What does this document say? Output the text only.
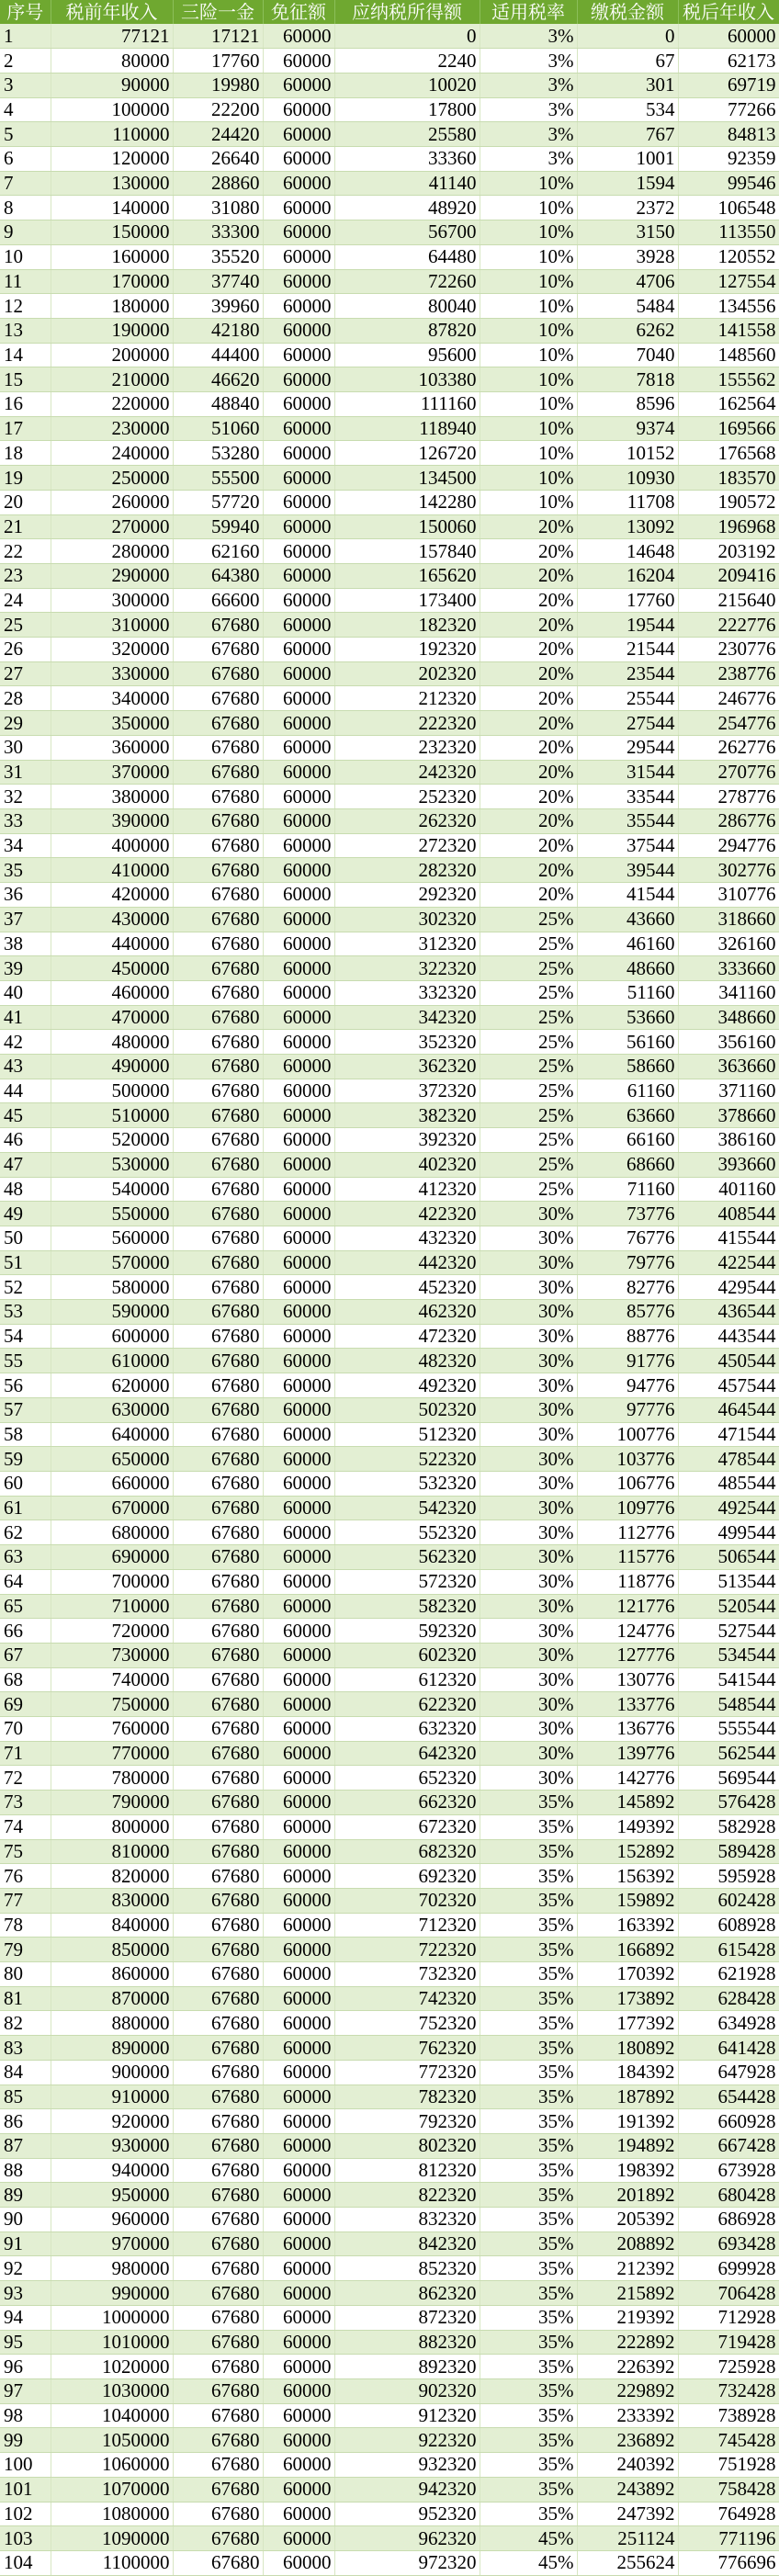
序号	税前年收入	三险一金	免征额	应纳税所得额	适用税率	缴税金额	税后年收入
1	77121	17121	60000	0	3%	0	60000
2	80000	17760	60000	2240	3%	67	62173
3	90000	19980	60000	10020	3%	301	69719
4	100000	22200	60000	17800	3%	534	77266
5	110000	24420	60000	25580	3%	767	84813
6	120000	26640	60000	33360	3%	1001	92359
7	130000	28860	60000	41140	10%	1594	99546
8	140000	31080	60000	48920	10%	2372	106548
9	150000	33300	60000	56700	10%	3150	113550
10	160000	35520	60000	64480	10%	3928	120552
11	170000	37740	60000	72260	10%	4706	127554
12	180000	39960	60000	80040	10%	5484	134556
13	190000	42180	60000	87820	10%	6262	141558
14	200000	44400	60000	95600	10%	7040	148560
15	210000	46620	60000	103380	10%	7818	155562
16	220000	48840	60000	111160	10%	8596	162564
17	230000	51060	60000	118940	10%	9374	169566
18	240000	53280	60000	126720	10%	10152	176568
19	250000	55500	60000	134500	10%	10930	183570
20	260000	57720	60000	142280	10%	11708	190572
21	270000	59940	60000	150060	20%	13092	196968
22	280000	62160	60000	157840	20%	14648	203192
23	290000	64380	60000	165620	20%	16204	209416
24	300000	66600	60000	173400	20%	17760	215640
25	310000	67680	60000	182320	20%	19544	222776
26	320000	67680	60000	192320	20%	21544	230776
27	330000	67680	60000	202320	20%	23544	238776
28	340000	67680	60000	212320	20%	25544	246776
29	350000	67680	60000	222320	20%	27544	254776
30	360000	67680	60000	232320	20%	29544	262776
31	370000	67680	60000	242320	20%	31544	270776
32	380000	67680	60000	252320	20%	33544	278776
33	390000	67680	60000	262320	20%	35544	286776
34	400000	67680	60000	272320	20%	37544	294776
35	410000	67680	60000	282320	20%	39544	302776
36	420000	67680	60000	292320	20%	41544	310776
37	430000	67680	60000	302320	25%	43660	318660
38	440000	67680	60000	312320	25%	46160	326160
39	450000	67680	60000	322320	25%	48660	333660
40	460000	67680	60000	332320	25%	51160	341160
41	470000	67680	60000	342320	25%	53660	348660
42	480000	67680	60000	352320	25%	56160	356160
43	490000	67680	60000	362320	25%	58660	363660
44	500000	67680	60000	372320	25%	61160	371160
45	510000	67680	60000	382320	25%	63660	378660
46	520000	67680	60000	392320	25%	66160	386160
47	530000	67680	60000	402320	25%	68660	393660
48	540000	67680	60000	412320	25%	71160	401160
49	550000	67680	60000	422320	30%	73776	408544
50	560000	67680	60000	432320	30%	76776	415544
51	570000	67680	60000	442320	30%	79776	422544
52	580000	67680	60000	452320	30%	82776	429544
53	590000	67680	60000	462320	30%	85776	436544
54	600000	67680	60000	472320	30%	88776	443544
55	610000	67680	60000	482320	30%	91776	450544
56	620000	67680	60000	492320	30%	94776	457544
57	630000	67680	60000	502320	30%	97776	464544
58	640000	67680	60000	512320	30%	100776	471544
59	650000	67680	60000	522320	30%	103776	478544
60	660000	67680	60000	532320	30%	106776	485544
61	670000	67680	60000	542320	30%	109776	492544
62	680000	67680	60000	552320	30%	112776	499544
63	690000	67680	60000	562320	30%	115776	506544
64	700000	67680	60000	572320	30%	118776	513544
65	710000	67680	60000	582320	30%	121776	520544
66	720000	67680	60000	592320	30%	124776	527544
67	730000	67680	60000	602320	30%	127776	534544
68	740000	67680	60000	612320	30%	130776	541544
69	750000	67680	60000	622320	30%	133776	548544
70	760000	67680	60000	632320	30%	136776	555544
71	770000	67680	60000	642320	30%	139776	562544
72	780000	67680	60000	652320	30%	142776	569544
73	790000	67680	60000	662320	35%	145892	576428
74	800000	67680	60000	672320	35%	149392	582928
75	810000	67680	60000	682320	35%	152892	589428
76	820000	67680	60000	692320	35%	156392	595928
77	830000	67680	60000	702320	35%	159892	602428
78	840000	67680	60000	712320	35%	163392	608928
79	850000	67680	60000	722320	35%	166892	615428
80	860000	67680	60000	732320	35%	170392	621928
81	870000	67680	60000	742320	35%	173892	628428
82	880000	67680	60000	752320	35%	177392	634928
83	890000	67680	60000	762320	35%	180892	641428
84	900000	67680	60000	772320	35%	184392	647928
85	910000	67680	60000	782320	35%	187892	654428
86	920000	67680	60000	792320	35%	191392	660928
87	930000	67680	60000	802320	35%	194892	667428
88	940000	67680	60000	812320	35%	198392	673928
89	950000	67680	60000	822320	35%	201892	680428
90	960000	67680	60000	832320	35%	205392	686928
91	970000	67680	60000	842320	35%	208892	693428
92	980000	67680	60000	852320	35%	212392	699928
93	990000	67680	60000	862320	35%	215892	706428
94	1000000	67680	60000	872320	35%	219392	712928
95	1010000	67680	60000	882320	35%	222892	719428
96	1020000	67680	60000	892320	35%	226392	725928
97	1030000	67680	60000	902320	35%	229892	732428
98	1040000	67680	60000	912320	35%	233392	738928
99	1050000	67680	60000	922320	35%	236892	745428
100	1060000	67680	60000	932320	35%	240392	751928
101	1070000	67680	60000	942320	35%	243892	758428
102	1080000	67680	60000	952320	35%	247392	764928
103	1090000	67680	60000	962320	45%	251124	771196
104	1100000	67680	60000	972320	45%	255624	776696
